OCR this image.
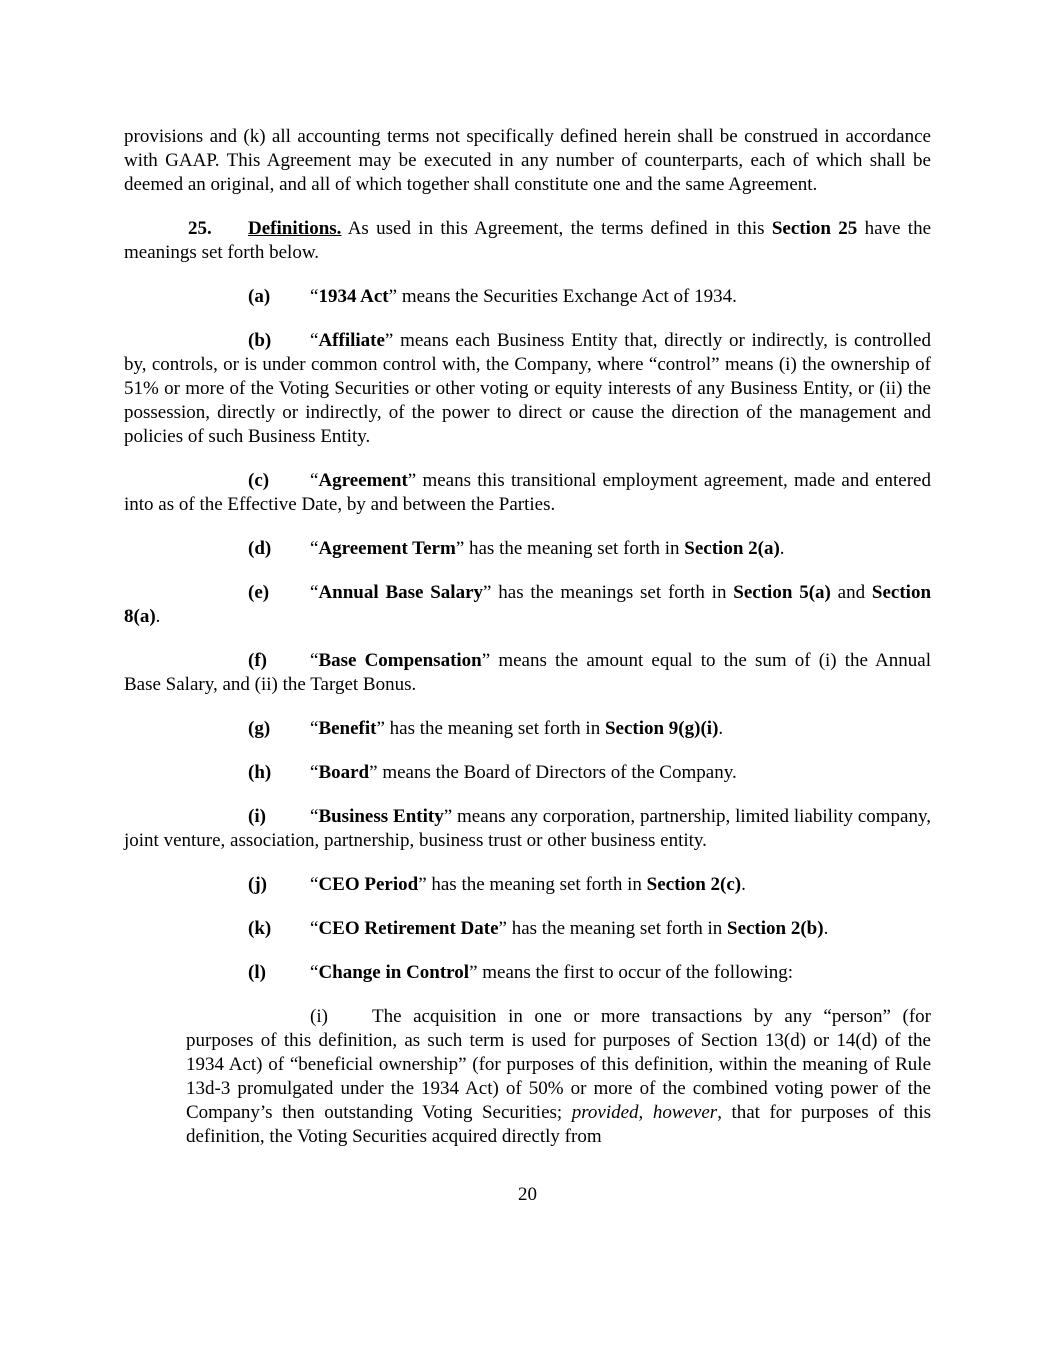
provisions and (k) all accounting terms not specifically defined herein shall be construed in accordance with GAAP. This Agreement may be executed in any number of counterparts, each of which shall be deemed an original, and all of which together shall constitute one and the same Agreement.

25. Definitions. As used in this Agreement, the terms defined in this Section 25 have the meanings set forth below.

(a) “1934 Act” means the Securities Exchange Act of 1934.

(b) “Affiliate” means each Business Entity that, directly or indirectly, is controlled by, controls, or is under common control with, the Company, where “control” means (i) the ownership of 51% or more of the Voting Securities or other voting or equity interests of any Business Entity, or (ii) the possession, directly or indirectly, of the power to direct or cause the direction of the management and policies of such Business Entity.

(c) “Agreement” means this transitional employment agreement, made and entered into as of the Effective Date, by and between the Parties.

(d) “Agreement Term” has the meaning set forth in Section 2(a).

(e) “Annual Base Salary” has the meanings set forth in Section 5(a) and Section 8(a).

(f) “Base Compensation” means the amount equal to the sum of (i) the Annual Base Salary, and (ii) the Target Bonus.

(g) “Benefit” has the meaning set forth in Section 9(g)(i).

(h) “Board” means the Board of Directors of the Company.

(i) “Business Entity” means any corporation, partnership, limited liability company, joint venture, association, partnership, business trust or other business entity.

(j) “CEO Period” has the meaning set forth in Section 2(c).

(k) “CEO Retirement Date” has the meaning set forth in Section 2(b).

(l) “Change in Control” means the first to occur of the following:

(i) The acquisition in one or more transactions by any “person” (for purposes of this definition, as such term is used for purposes of Section 13(d) or 14(d) of the 1934 Act) of “beneficial ownership” (for purposes of this definition, within the meaning of Rule 13d-3 promulgated under the 1934 Act) of 50% or more of the combined voting power of the Company’s then outstanding Voting Securities; provided, however, that for purposes of this definition, the Voting Securities acquired directly from

20
